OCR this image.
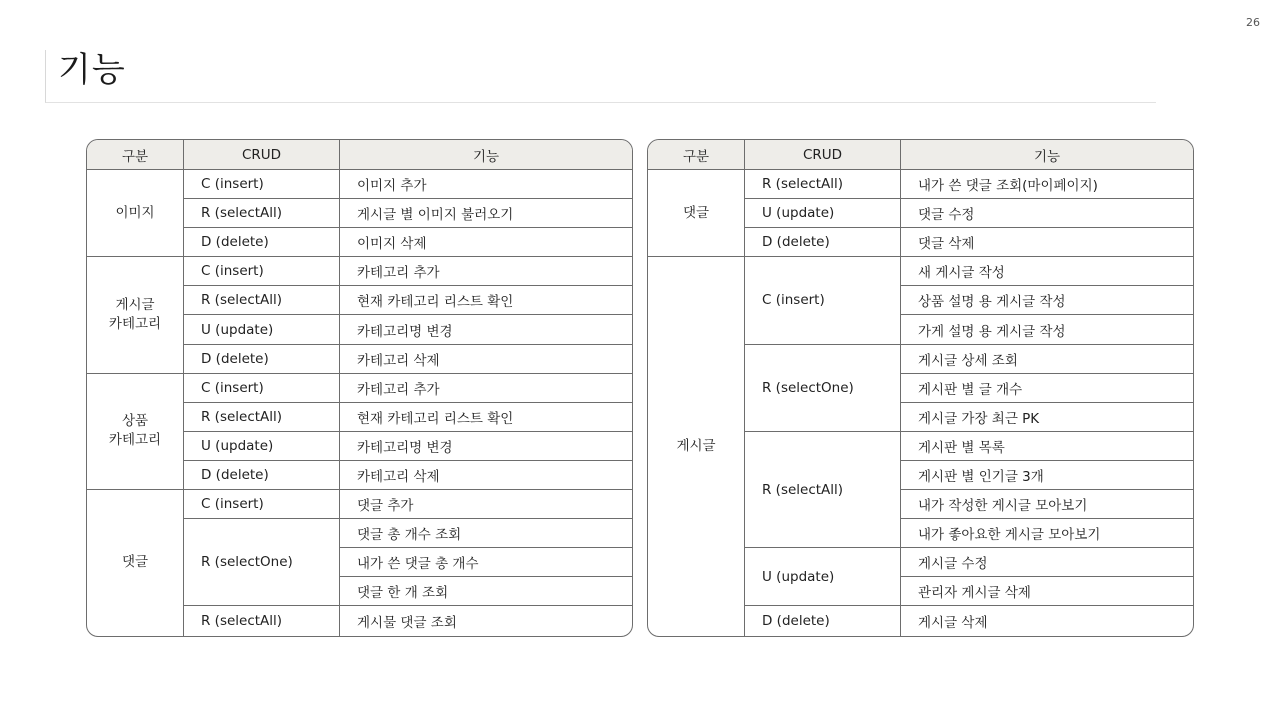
26
기능
구분	CRUD	기능
이미지	C (insert)	이미지 추가
	R (selectAll)	게시글 별 이미지 불러오기
	D (delete)	이미지 삭제
게시글
카테고리	C (insert)	카테고리 추가
	R (selectAll)	현재 카테고리 리스트 확인
	U (update)	카테고리명 변경
	D (delete)	카테고리 삭제
상품
카테고리	C (insert)	카테고리 추가
	R (selectAll)	현재 카테고리 리스트 확인
	U (update)	카테고리명 변경
	D (delete)	카테고리 삭제
댓글	C (insert)	댓글 추가
	R (selectOne)	댓글 총 개수 조회
		내가 쓴 댓글 총 개수
		댓글 한 개 조회
	R (selectAll)	게시물 댓글 조회
구분	CRUD	기능
댓글	R (selectAll)	내가 쓴 댓글 조회(마이페이지)
	U (update)	댓글 수정
	D (delete)	댓글 삭제
게시글	C (insert)	새 게시글 작성
		상품 설명 용 게시글 작성
		가게 설명 용 게시글 작성
	R (selectOne)	게시글 상세 조회
		게시판 별 글 개수
		게시글 가장 최근 PK
	R (selectAll)	게시판 별 목록
		게시판 별 인기글 3개
		내가 작성한 게시글 모아보기
		내가 좋아요한 게시글 모아보기
	U (update)	게시글 수정
		관리자 게시글 삭제
	D (delete)	게시글 삭제
